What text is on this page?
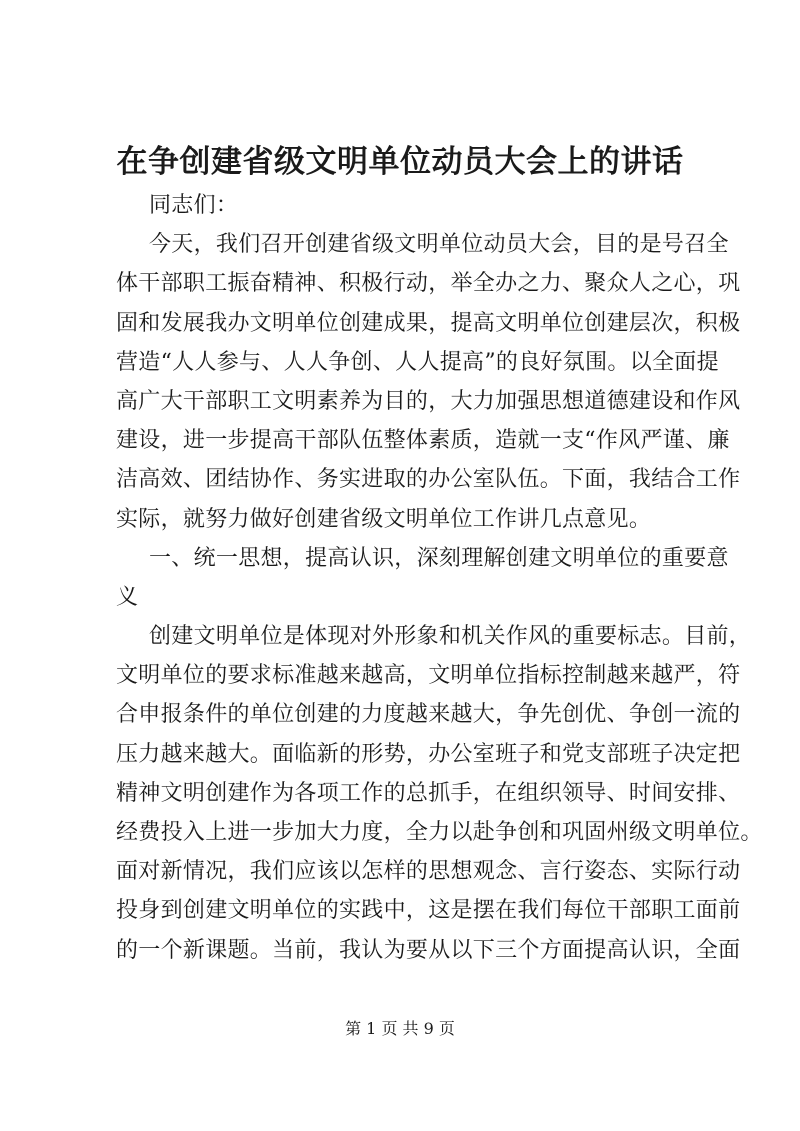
在争创建省级文明单位动员大会上的讲话
同志们：
今天，我们召开创建省级文明单位动员大会，目的是号召全
体干部职工振奋精神、积极行动，举全办之力、聚众人之心，巩
固和发展我办文明单位创建成果，提高文明单位创建层次，积极
营造“人人参与、人人争创、人人提高”的良好氛围。以全面提
高广大干部职工文明素养为目的，大力加强思想道德建设和作风
建设，进一步提高干部队伍整体素质，造就一支“作风严谨、廉
洁高效、团结协作、务实进取的办公室队伍。下面，我结合工作
实际，就努力做好创建省级文明单位工作讲几点意见。
一、统一思想，提高认识，深刻理解创建文明单位的重要意
义
创建文明单位是体现对外形象和机关作风的重要标志。目前，
文明单位的要求标准越来越高，文明单位指标控制越来越严，符
合申报条件的单位创建的力度越来越大，争先创优、争创一流的
压力越来越大。面临新的形势，办公室班子和党支部班子决定把
精神文明创建作为各项工作的总抓手，在组织领导、时间安排、
经费投入上进一步加大力度，全力以赴争创和巩固州级文明单位。
面对新情况，我们应该以怎样的思想观念、言行姿态、实际行动
投身到创建文明单位的实践中，这是摆在我们每位干部职工面前
的一个新课题。当前，我认为要从以下三个方面提高认识，全面
第 1 页 共 9 页
